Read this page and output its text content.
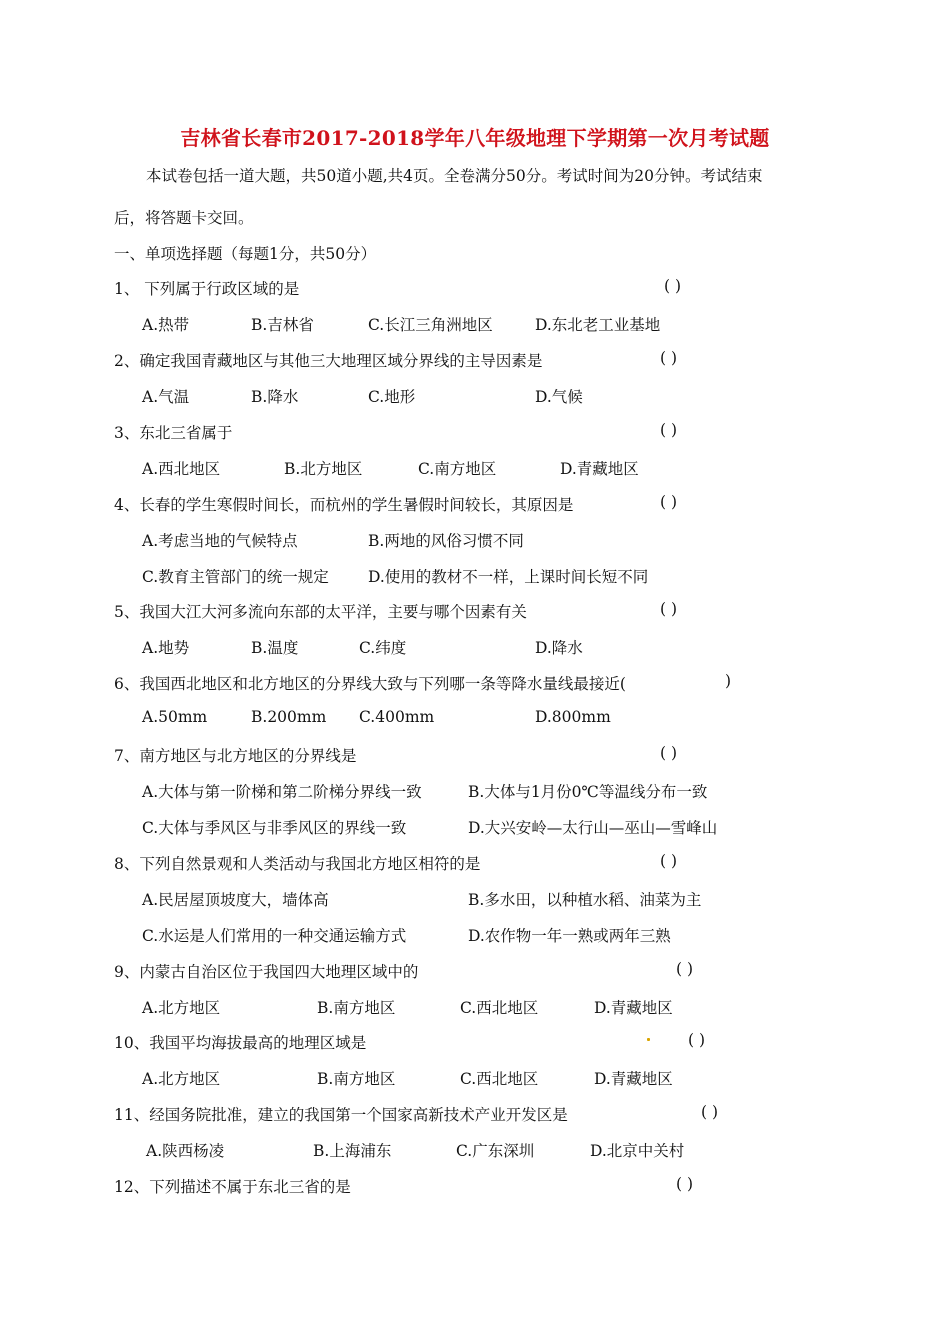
吉林省长春市2017-2018学年八年级地理下学期第一次月考试题
本试卷包括一道大题，共50道小题,共4页。全卷满分50分。考试时间为20分钟。考试结束
后，将答题卡交回。
一、单项选择题（每题1分，共50分）
1、 下列属于行政区域的是	( )
A.热带	B.吉林省	C.长江三角洲地区	D.东北老工业基地
2、确定我国青藏地区与其他三大地理区域分界线的主导因素是	( )
A.气温	B.降水	C.地形	D.气候
3、东北三省属于	( )
A.西北地区	B.北方地区	C.南方地区	D.青藏地区
4、长春的学生寒假时间长，而杭州的学生暑假时间较长，其原因是	( )
A.考虑当地的气候特点	B.两地的风俗习惯不同
C.教育主管部门的统一规定	D.使用的教材不一样，上课时间长短不同
5、我国大江大河多流向东部的太平洋，主要与哪个因素有关	( )
A.地势	B.温度	C.纬度	D.降水
6、我国西北地区和北方地区的分界线大致与下列哪一条等降水量线最接近(	)
A.50mm	B.200mm C.400mm	D.800mm
7、南方地区与北方地区的分界线是	( )
A.大体与第一阶梯和第二阶梯分界线一致	B.大体与1月份0℃等温线分布一致
C.大体与季风区与非季风区的界线一致	D.大兴安岭—太行山—巫山—雪峰山
8、下列自然景观和人类活动与我国北方地区相符的是	( )
A.民居屋顶坡度大，墙体高	B.多水田，以种植水稻、油菜为主
C.水运是人们常用的一种交通运输方式	D.农作物一年一熟或两年三熟
9、内蒙古自治区位于我国四大地理区域中的	( )
A.北方地区	B.南方地区	C.西北地区	D.青藏地区
10、我国平均海拔最高的地理区域是	( )
A.北方地区	B.南方地区	C.西北地区	D.青藏地区
11、经国务院批准，建立的我国第一个国家高新技术产业开发区是	( )
A.陕西杨凌	B.上海浦东	C.广东深圳	D.北京中关村
12、下列描述不属于东北三省的是	( )
